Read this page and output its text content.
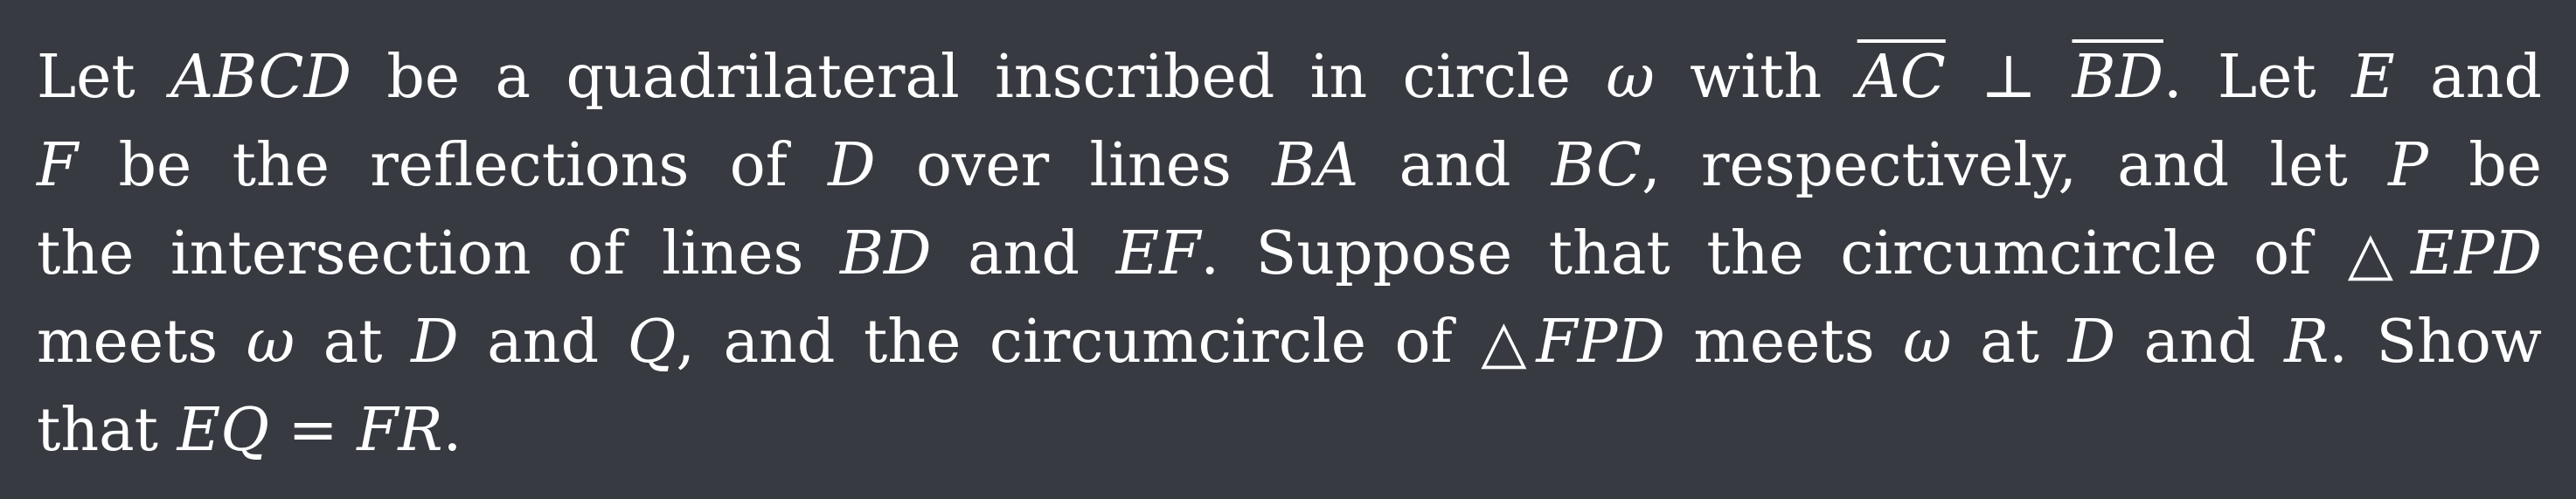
Let ABCD be a quadrilateral inscribed in circle ω with $\overline{AC}$ ⊥ $\overline{BD}$. Let E and
F be the reflections of D over lines BA and BC, respectively, and let P be
the intersection of lines BD and EF. Suppose that the circumcircle of △EPD
meets ω at D and Q, and the circumcircle of △FPD meets ω at D and R. Show
that EQ = FR.
